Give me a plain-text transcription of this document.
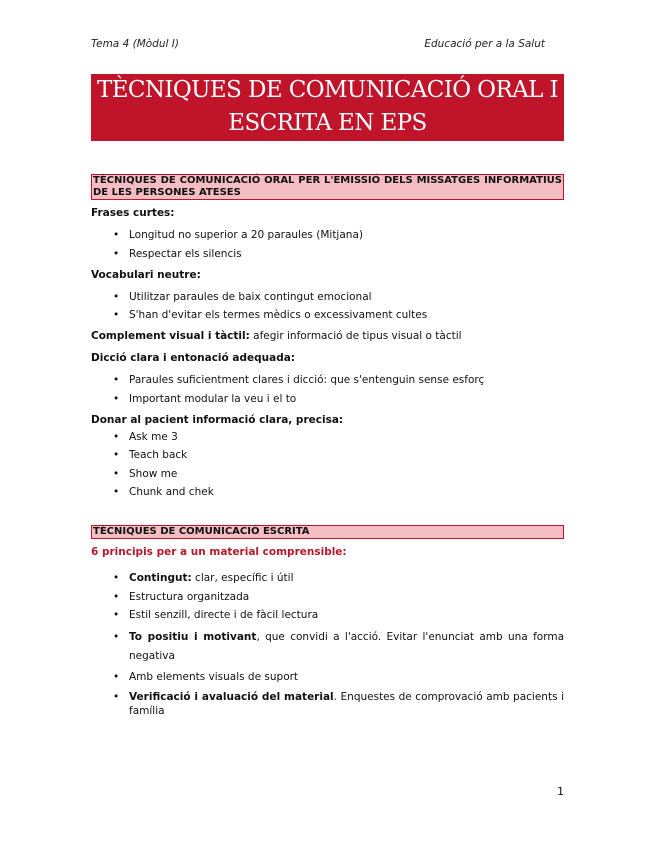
Tema 4 (Mòdul I)	Educació per a la Salut
TÈCNIQUES DE COMUNICACIÓ ORAL I
ESCRITA EN EPS
TÈCNIQUES DE COMUNICACIÓ ORAL PER L'EMISSIÓ DELS MISSATGES INFORMATIUS DE LES PERSONES ATESES
Frases curtes:
• Longitud no superior a 20 paraules (Mitjana)
• Respectar els silencis
Vocabulari neutre:
• Utilitzar paraules de baix contingut emocional
• S'han d'evitar els termes mèdics o excessivament cultes
Complement visual i tàctil: afegir informació de tipus visual o tàctil
Dicció clara i entonació adequada:
• Paraules suficientment clares i dicció: que s'entenguin sense esforç
• Important modular la veu i el to
Donar al pacient informació clara, precisa:
• Ask me 3
• Teach back
• Show me
• Chunk and chek
TÈCNIQUES DE COMUNICACIÓ ESCRITA
6 principis per a un material comprensible:
• Contingut: clar, específic i útil
• Estructura organitzada
• Estil senzill, directe i de fàcil lectura
• To positiu i motivant, que convidi a l'acció. Evitar l'enunciat amb una forma negativa
• Amb elements visuals de suport
• Verificació i avaluació del material. Enquestes de comprovació amb pacients i família
1
